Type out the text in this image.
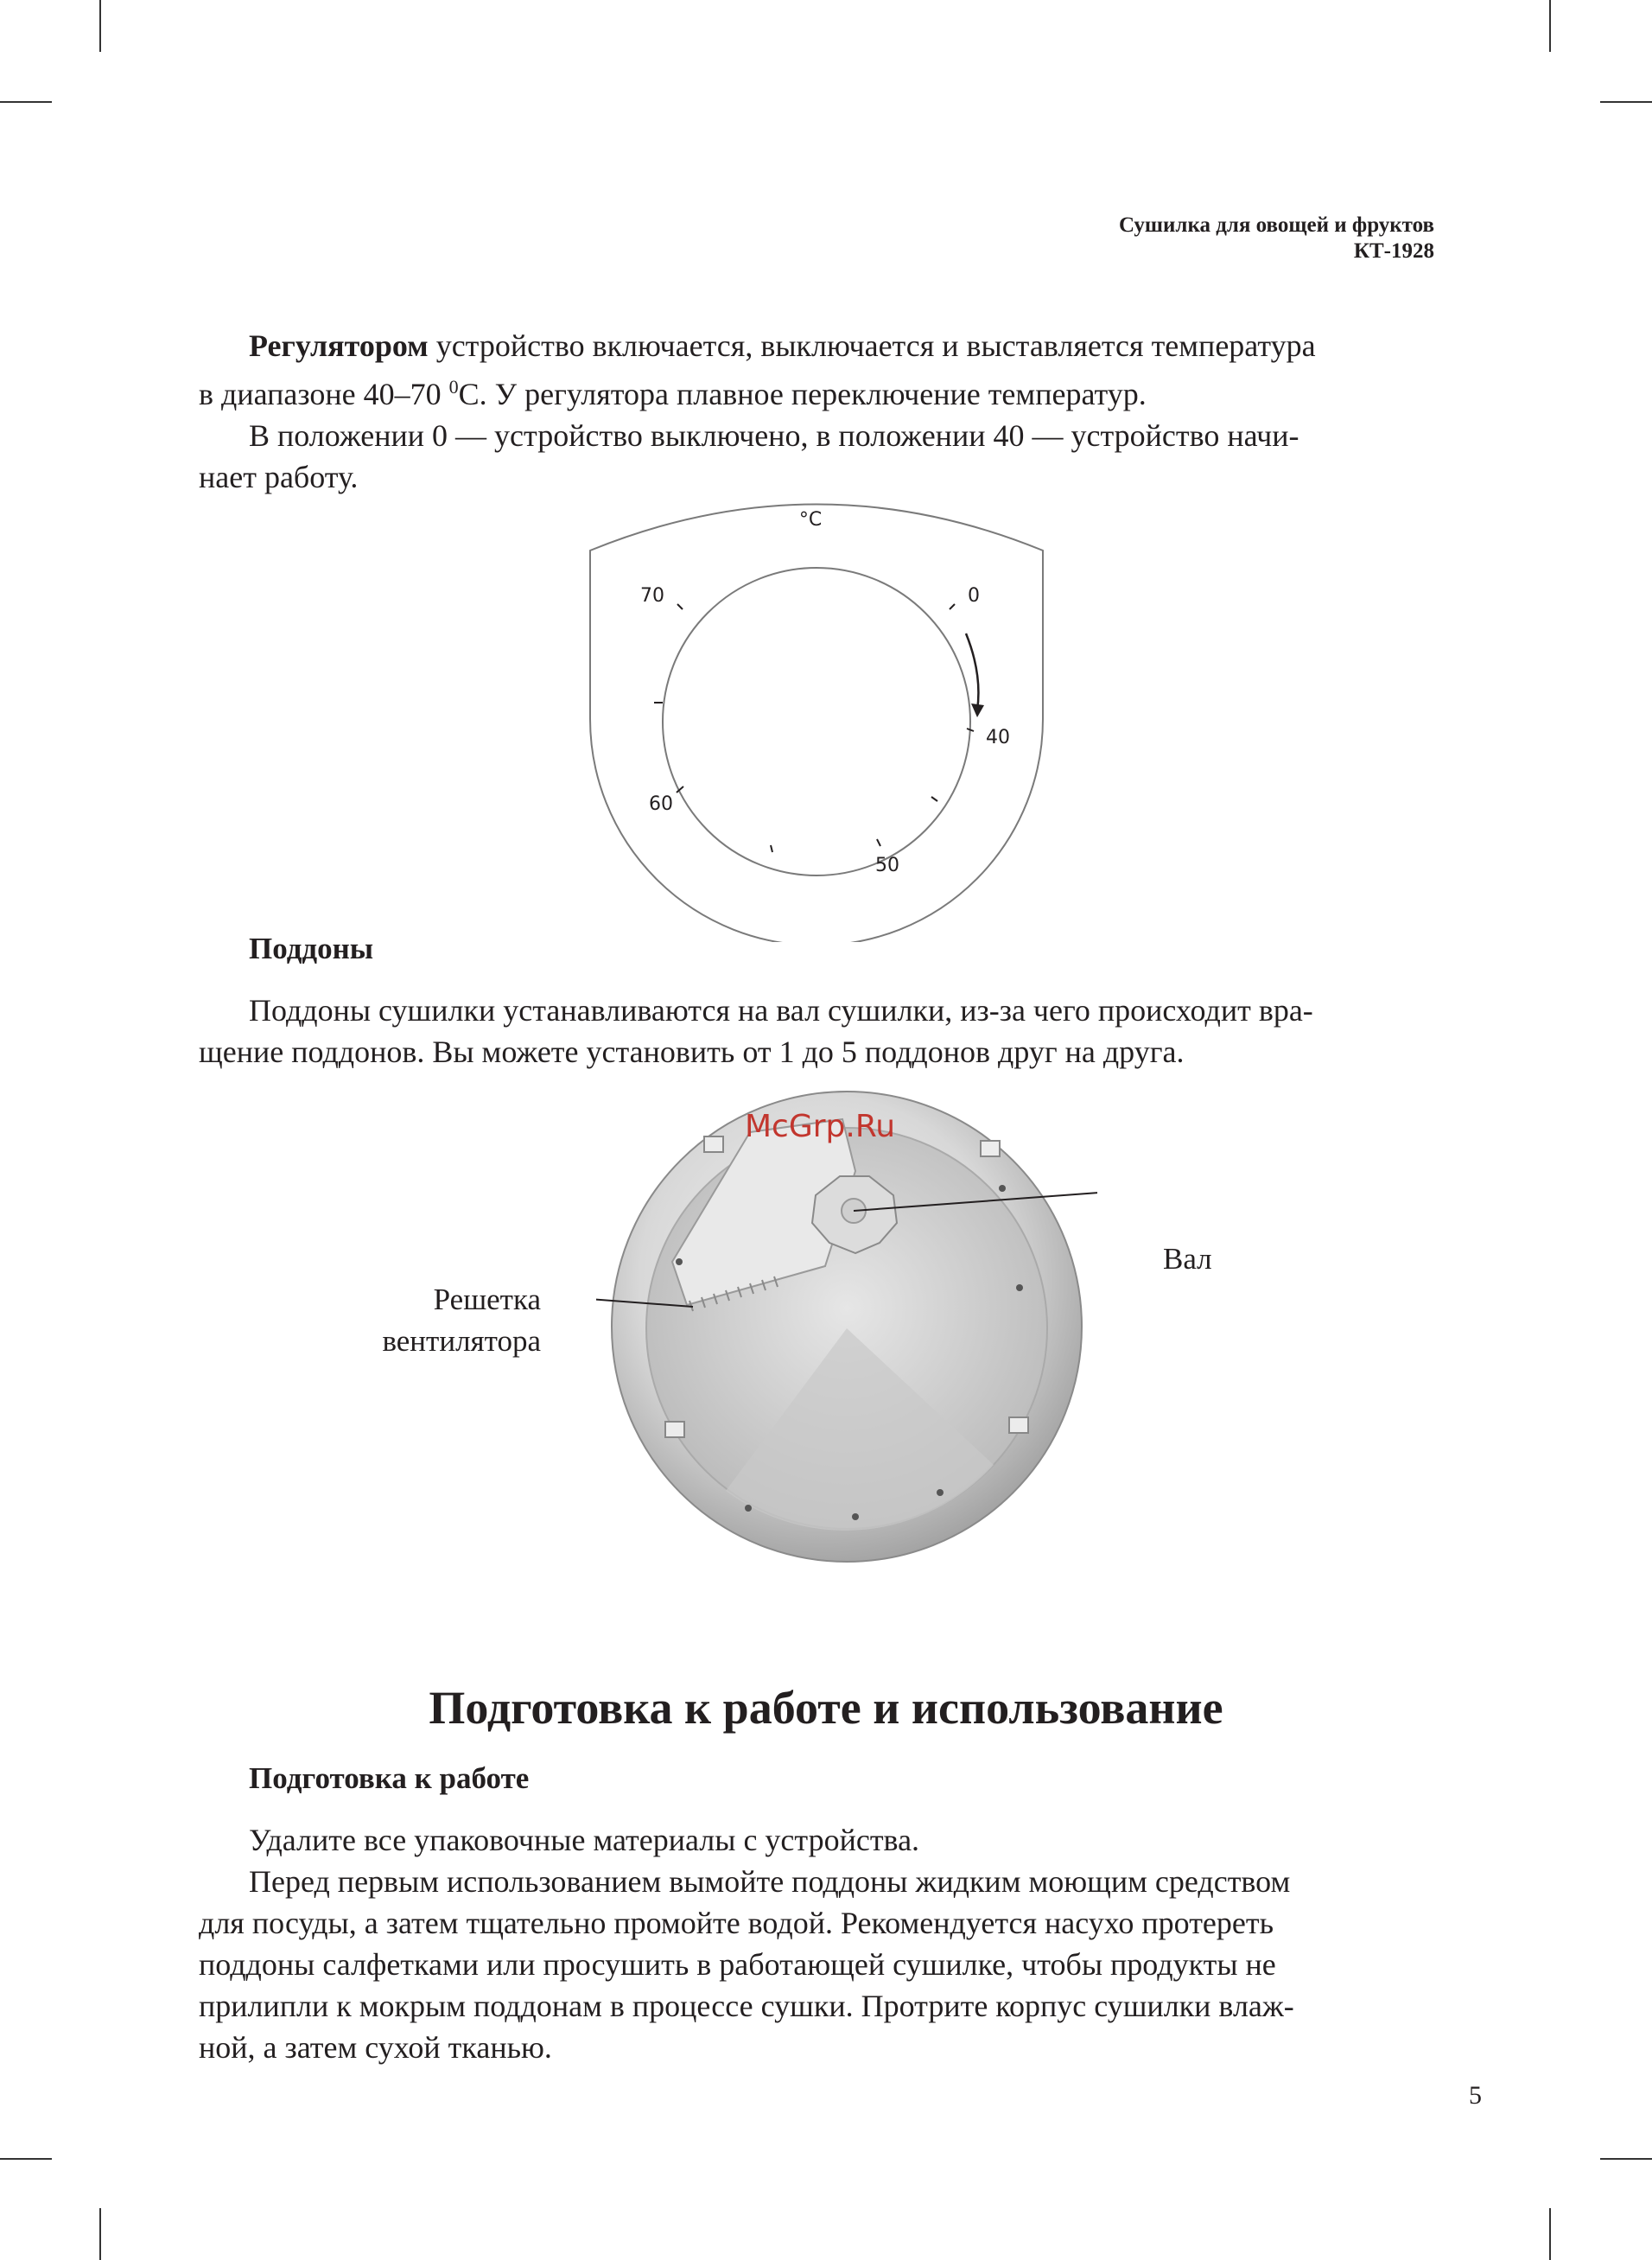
Сушилка для овощей и фруктов
КТ-1928
Регулятором устройство включается, выключается и выставляется температура
в диапазоне 40–70 $^0$С. У регулятора плавное переключение температур.
В положении 0 — устройство выключено, в положении 40 — устройство начи-
нает работу.
°C
70	0
40
60
50
Поддоны
Поддоны сушилки устанавливаются на вал сушилки, из-за чего происходит вра-
щение поддонов. Вы можете установить от 1 до 5 поддонов друг на друга.
Решетка
вентилятора
Вал
McGrp.Ru
Подготовка к работе и использование
Подготовка к работе
Удалите все упаковочные материалы с устройства.
Перед первым использованием вымойте поддоны жидким моющим средством
для посуды, а затем тщательно промойте водой. Рекомендуется насухо протереть
поддоны салфетками или просушить в работающей сушилке, чтобы продукты не
прилипли к мокрым поддонам в процессе сушки. Протрите корпус сушилки влаж-
ной, а затем сухой тканью.
5
